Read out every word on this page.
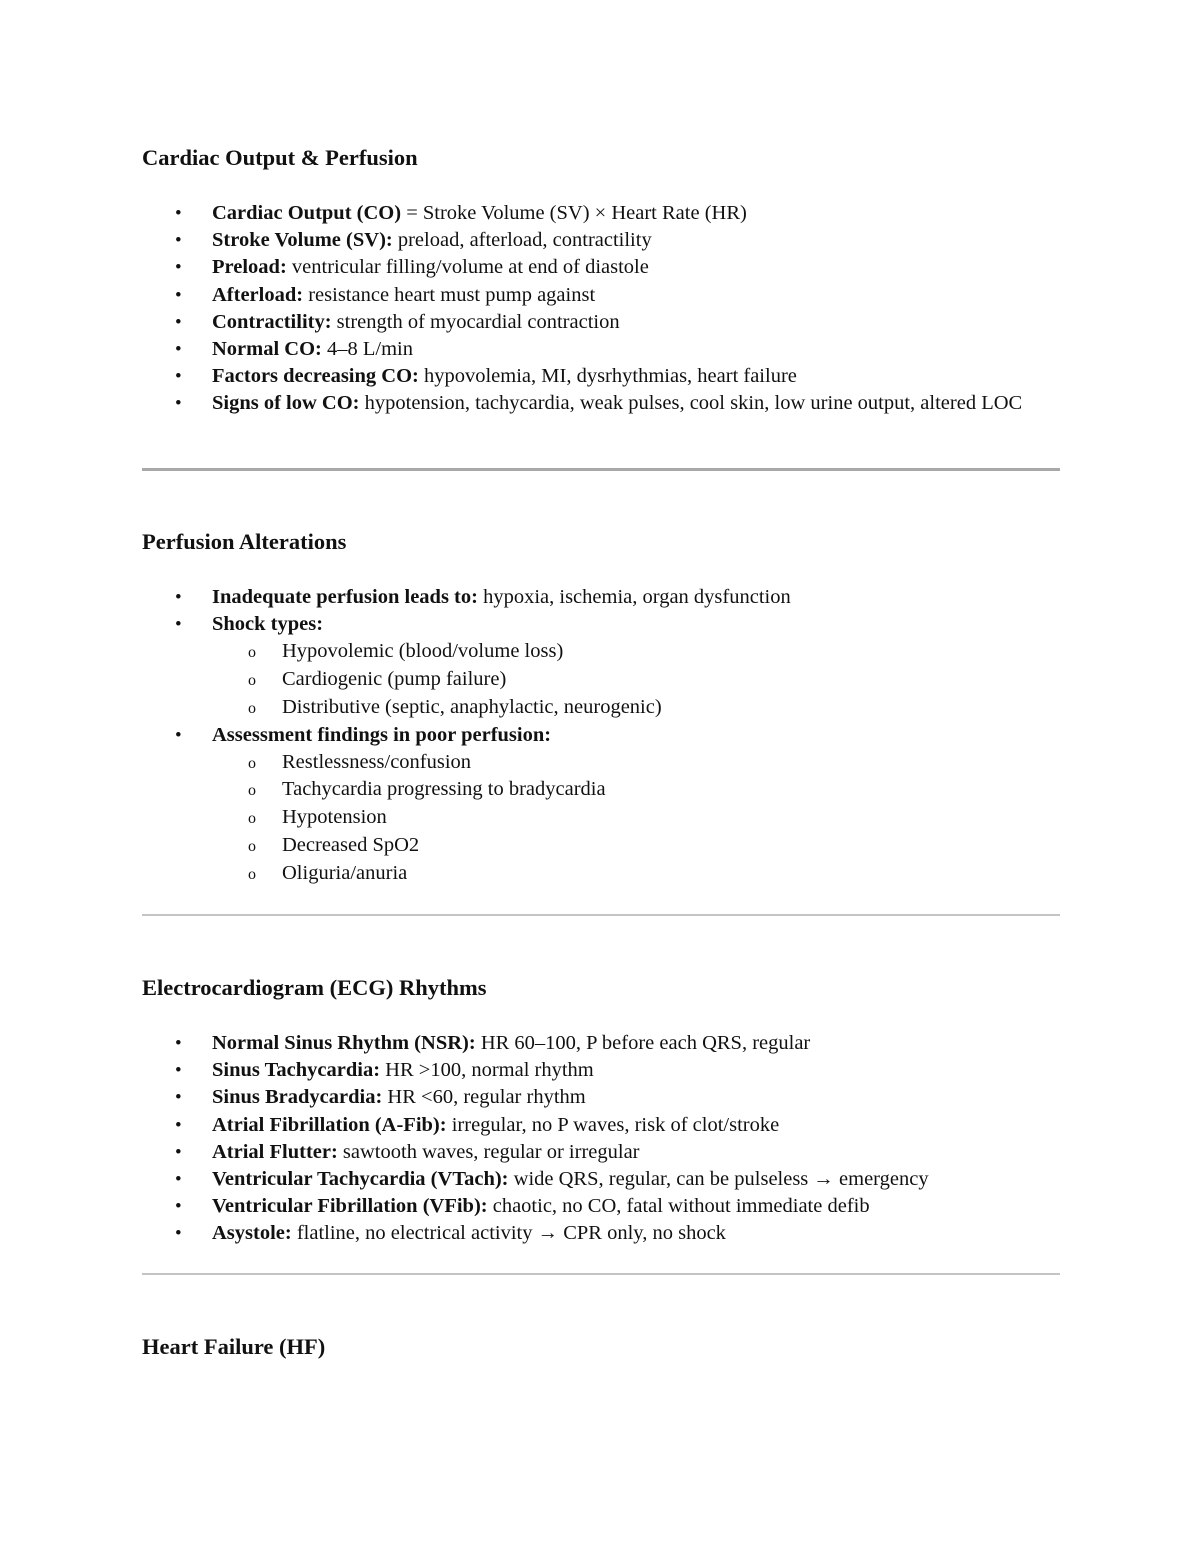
Cardiac Output & Perfusion
• Cardiac Output (CO) = Stroke Volume (SV) × Heart Rate (HR)
• Stroke Volume (SV): preload, afterload, contractility
• Preload: ventricular filling/volume at end of diastole
• Afterload: resistance heart must pump against
• Contractility: strength of myocardial contraction
• Normal CO: 4–8 L/min
• Factors decreasing CO: hypovolemia, MI, dysrhythmias, heart failure
• Signs of low CO: hypotension, tachycardia, weak pulses, cool skin, low urine output, altered LOC
Perfusion Alterations
• Inadequate perfusion leads to: hypoxia, ischemia, organ dysfunction
• Shock types:
o Hypovolemic (blood/volume loss)
o Cardiogenic (pump failure)
o Distributive (septic, anaphylactic, neurogenic)
• Assessment findings in poor perfusion:
o Restlessness/confusion
o Tachycardia progressing to bradycardia
o Hypotension
o Decreased SpO2
o Oliguria/anuria
Electrocardiogram (ECG) Rhythms
• Normal Sinus Rhythm (NSR): HR 60–100, P before each QRS, regular
• Sinus Tachycardia: HR >100, normal rhythm
• Sinus Bradycardia: HR <60, regular rhythm
• Atrial Fibrillation (A-Fib): irregular, no P waves, risk of clot/stroke
• Atrial Flutter: sawtooth waves, regular or irregular
• Ventricular Tachycardia (VTach): wide QRS, regular, can be pulseless → emergency
• Ventricular Fibrillation (VFib): chaotic, no CO, fatal without immediate defib
• Asystole: flatline, no electrical activity → CPR only, no shock
Heart Failure (HF)
